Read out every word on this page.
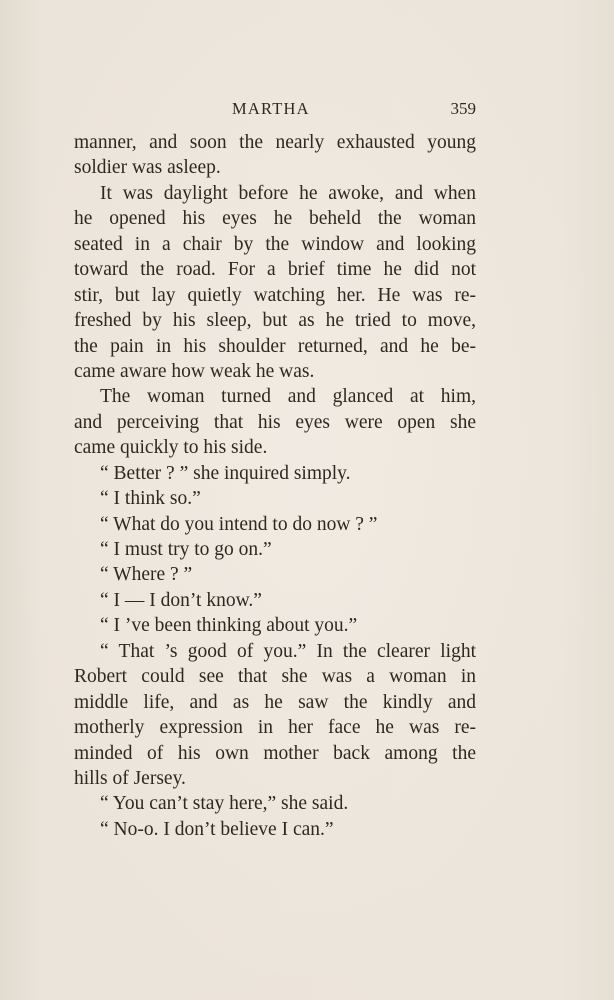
MARTHA	359
manner, and soon the nearly exhausted young
soldier was asleep.
It was daylight before he awoke, and when
he opened his eyes he beheld the woman
seated in a chair by the window and looking
toward the road. For a brief time he did not
stir, but lay quietly watching her. He was re-
freshed by his sleep, but as he tried to move,
the pain in his shoulder returned, and he be-
came aware how weak he was.
The woman turned and glanced at him,
and perceiving that his eyes were open she
came quickly to his side.
“ Better ? ” she inquired simply.
“ I think so.”
“ What do you intend to do now ? ”
“ I must try to go on.”
“ Where ? ”
“ I — I don’t know.”
“ I ’ve been thinking about you.”
“ That ’s good of you.” In the clearer light
Robert could see that she was a woman in
middle life, and as he saw the kindly and
motherly expression in her face he was re-
minded of his own mother back among the
hills of Jersey.
“ You can’t stay here,” she said.
“ No-o. I don’t believe I can.”
